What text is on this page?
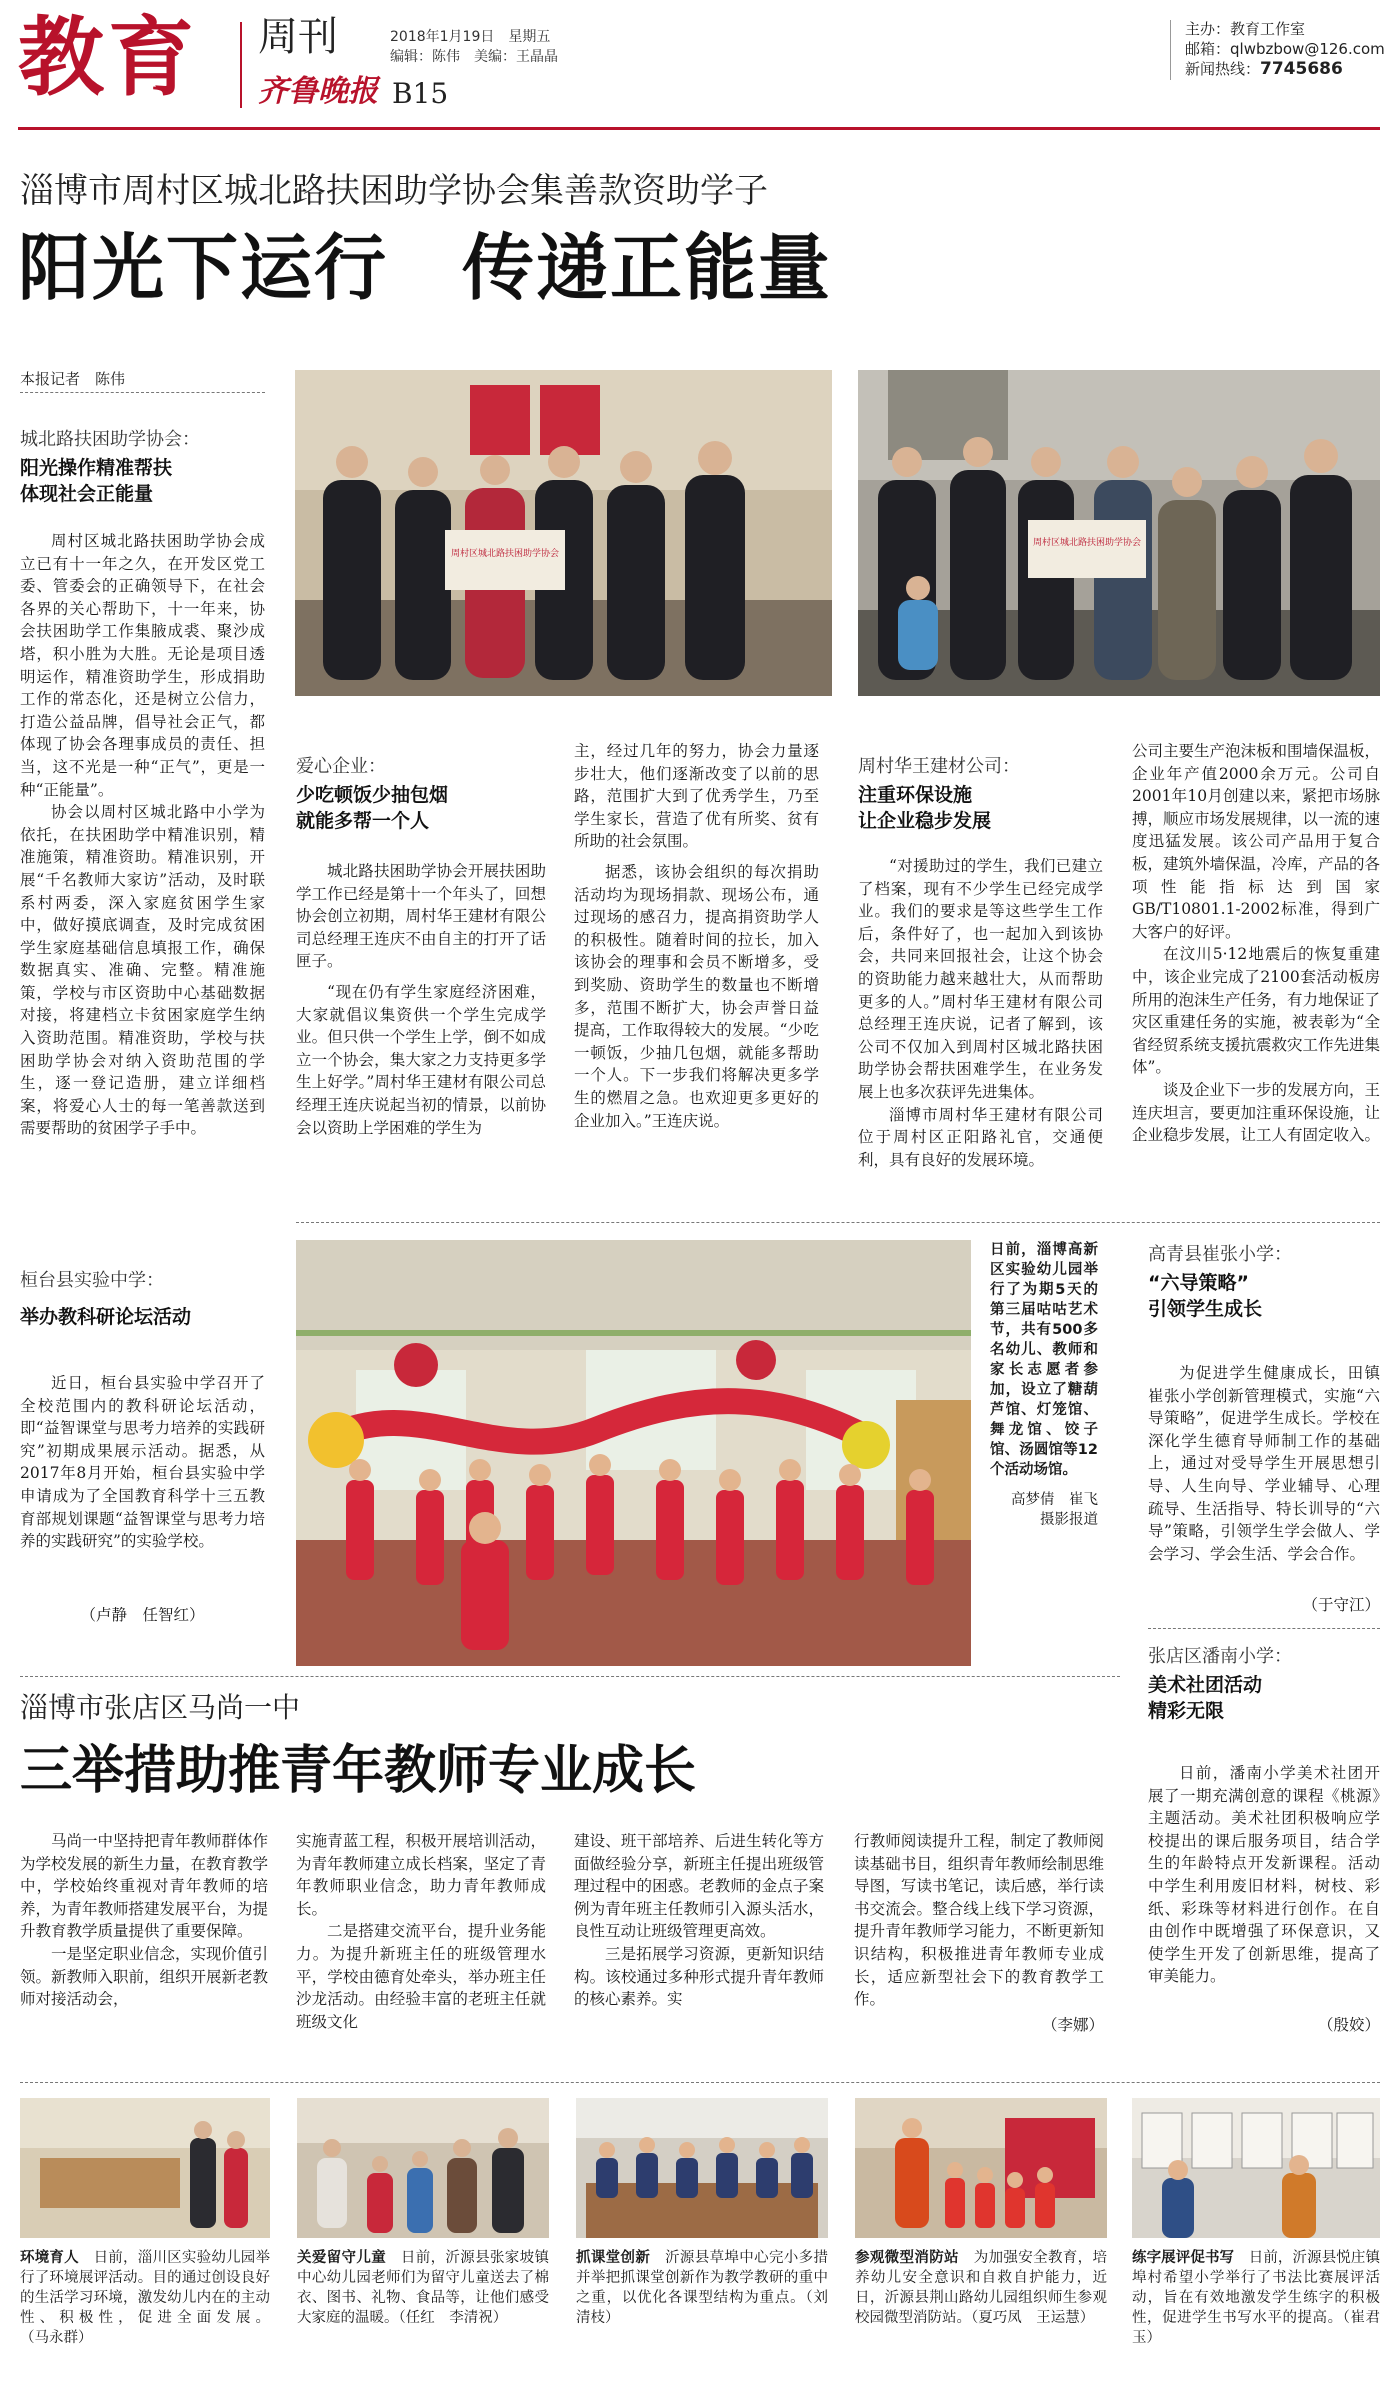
教育 周刊
齐鲁晚报 B15
2018年1月19日　星期五
编辑：陈伟　美编：王晶晶
主办：教育工作室
邮箱：qlwbzbow@126.com
新闻热线：7745686
淄博市周村区城北路扶困助学协会集善款资助学子
阳光下运行　传递正能量
本报记者　陈伟
城北路扶困助学协会：
阳光操作精准帮扶
体现社会正能量

周村区城北路扶困助学协会成立已有十一年之久，在开发区党工委、管委会的正确领导下，在社会各界的关心帮助下，十一年来，协会扶困助学工作集腋成裘、聚沙成塔，积小胜为大胜。无论是项目透明运作，精准资助学生，形成捐助工作的常态化，还是树立公信力，打造公益品牌，倡导社会正气，都体现了协会各理事成员的责任、担当，这不光是一种“正气”，更是一种“正能量”。

协会以周村区城北路中小学为依托，在扶困助学中精准识别，精准施策，精准资助。精准识别，开展“千名教师大家访”活动，及时联系村两委，深入家庭贫困学生家中，做好摸底调查，及时完成贫困学生家庭基础信息填报工作，确保数据真实、准确、完整。精准施策，学校与市区资助中心基础数据对接，将建档立卡贫困家庭学生纳入资助范围。精准资助，学校与扶困助学协会对纳入资助范围的学生，逐一登记造册，建立详细档案，将爱心人士的每一笔善款送到需要帮助的贫困学子手中。

周村区城北路扶困助学协会
周村区城北路扶困助学协会
爱心企业：
少吃顿饭少抽包烟
就能多帮一个人

城北路扶困助学协会开展扶困助学工作已经是第十一个年头了，回想协会创立初期，周村华王建材有限公司总经理王连庆不由自主的打开了话匣子。

“现在仍有学生家庭经济困难，大家就倡议集资供一个学生完成学业。但只供一个学生上学，倒不如成立一个协会，集大家之力支持更多学生上好学。”周村华王建材有限公司总经理王连庆说起当初的情景，以前协会以资助上学困难的学生为

主，经过几年的努力，协会力量逐步壮大，他们逐渐改变了以前的思路，范围扩大到了优秀学生，乃至学生家长，营造了优有所奖、贫有所助的社会氛围。

据悉，该协会组织的每次捐助活动均为现场捐款、现场公布，通过现场的感召力，提高捐资助学人的积极性。随着时间的拉长，加入该协会的理事和会员不断增多，受到奖励、资助学生的数量也不断增多，范围不断扩大，协会声誉日益提高，工作取得较大的发展。“少吃一顿饭，少抽几包烟，就能多帮助一个人。下一步我们将解决更多学生的燃眉之急。也欢迎更多更好的企业加入。”王连庆说。

周村华王建材公司：
注重环保设施
让企业稳步发展

“对援助过的学生，我们已建立了档案，现有不少学生已经完成学业。我们的要求是等这些学生工作后，条件好了，也一起加入到该协会，共同来回报社会，让这个协会的资助能力越来越壮大，从而帮助更多的人。”周村华王建材有限公司总经理王连庆说，记者了解到，该公司不仅加入到周村区城北路扶困助学协会帮扶困难学生，在业务发展上也多次获评先进集体。

淄博市周村华王建材有限公司位于周村区正阳路礼官，交通便利，具有良好的发展环境。

公司主要生产泡沫板和围墙保温板，企业年产值2000余万元。公司自2001年10月创建以来，紧把市场脉搏，顺应市场发展规律，以一流的速度迅猛发展。该公司产品用于复合板，建筑外墙保温，冷库，产品的各项性能指标达到国家GB/T10801.1-2002标准，得到广大客户的好评。

在汶川5·12地震后的恢复重建中，该企业完成了2100套活动板房所用的泡沫生产任务，有力地保证了灾区重建任务的实施，被表彰为“全省经贸系统支援抗震救灾工作先进集体”。

谈及企业下一步的发展方向，王连庆坦言，要更加注重环保设施，让企业稳步发展，让工人有固定收入。

桓台县实验中学：
举办教科研论坛活动

近日，桓台县实验中学召开了全校范围内的教科研论坛活动，即“益智课堂与思考力培养的实践研究”初期成果展示活动。据悉，从2017年8月开始，桓台县实验中学申请成为了全国教育科学十三五教育部规划课题“益智课堂与思考力培养的实践研究”的实验学校。

（卢静　任智红）
日前，淄博高新区实验幼儿园举行了为期5天的第三届咕咕艺术节，共有500多名幼儿、教师和家长志愿者参加，设立了糖葫芦馆、灯笼馆、舞龙馆、饺子馆、汤圆馆等12个活动场馆。
高梦倩　崔飞　摄影报道
高青县崔张小学：
“六导策略”
引领学生成长

为促进学生健康成长，田镇崔张小学创新管理模式，实施“六导策略”，促进学生成长。学校在深化学生德育导师制工作的基础上，通过对受导学生开展思想引导、人生向导、学业辅导、心理疏导、生活指导、特长训导的“六导”策略，引领学生学会做人、学会学习、学会生活、学会合作。

（于守江）
张店区潘南小学：
美术社团活动
精彩无限

日前，潘南小学美术社团开展了一期充满创意的课程《桃源》主题活动。美术社团积极响应学校提出的课后服务项目，结合学生的年龄特点开发新课程。活动中学生利用废旧材料，树枝、彩纸、彩珠等材料进行创作。在自由创作中既增强了环保意识，又使学生开发了创新思维，提高了审美能力。

（殷姣）
淄博市张店区马尚一中
三举措助推青年教师专业成长

马尚一中坚持把青年教师群体作为学校发展的新生力量，在教育教学中，学校始终重视对青年教师的培养，为青年教师搭建发展平台，为提升教育教学质量提供了重要保障。

一是坚定职业信念，实现价值引领。新教师入职前，组织开展新老教师对接活动会，

实施青蓝工程，积极开展培训活动，为青年教师建立成长档案，坚定了青年教师职业信念，助力青年教师成长。

二是搭建交流平台，提升业务能力。为提升新班主任的班级管理水平，学校由德育处牵头，举办班主任沙龙活动。由经验丰富的老班主任就班级文化

建设、班干部培养、后进生转化等方面做经验分享，新班主任提出班级管理过程中的困惑。老教师的金点子案例为青年班主任教师引入源头活水，良性互动让班级管理更高效。

三是拓展学习资源，更新知识结构。该校通过多种形式提升青年教师的核心素养。实

行教师阅读提升工程，制定了教师阅读基础书目，组织青年教师绘制思维导图，写读书笔记，读后感，举行读书交流会。整合线上线下学习资源，提升青年教师学习能力，不断更新知识结构，积极推进青年教师专业成长，适应新型社会下的教育教学工作。

（李娜）
环境育人　 日前，淄川区实验幼儿园举行了环境展评活动。目的通过创设良好的生活学习环境，激发幼儿内在的主动性、积极性，促进全面发展。（马永群）
关爱留守儿童　 日前，沂源县张家坡镇中心幼儿园老师们为留守儿童送去了棉衣、图书、礼物、食品等，让他们感受大家庭的温暖。（任红　李清祝）
抓课堂创新　 沂源县草埠中心完小多措并举把抓课堂创新作为教学教研的重中之重，以优化各课型结构为重点。（刘清枝）
参观微型消防站　 为加强安全教育，培养幼儿安全意识和自救自护能力，近日，沂源县荆山路幼儿园组织师生参观校园微型消防站。（夏巧凤　王运慧）
练字展评促书写　 日前，沂源县悦庄镇埠村希望小学举行了书法比赛展评活动，旨在有效地激发学生练字的积极性，促进学生书写水平的提高。（崔君玉）
